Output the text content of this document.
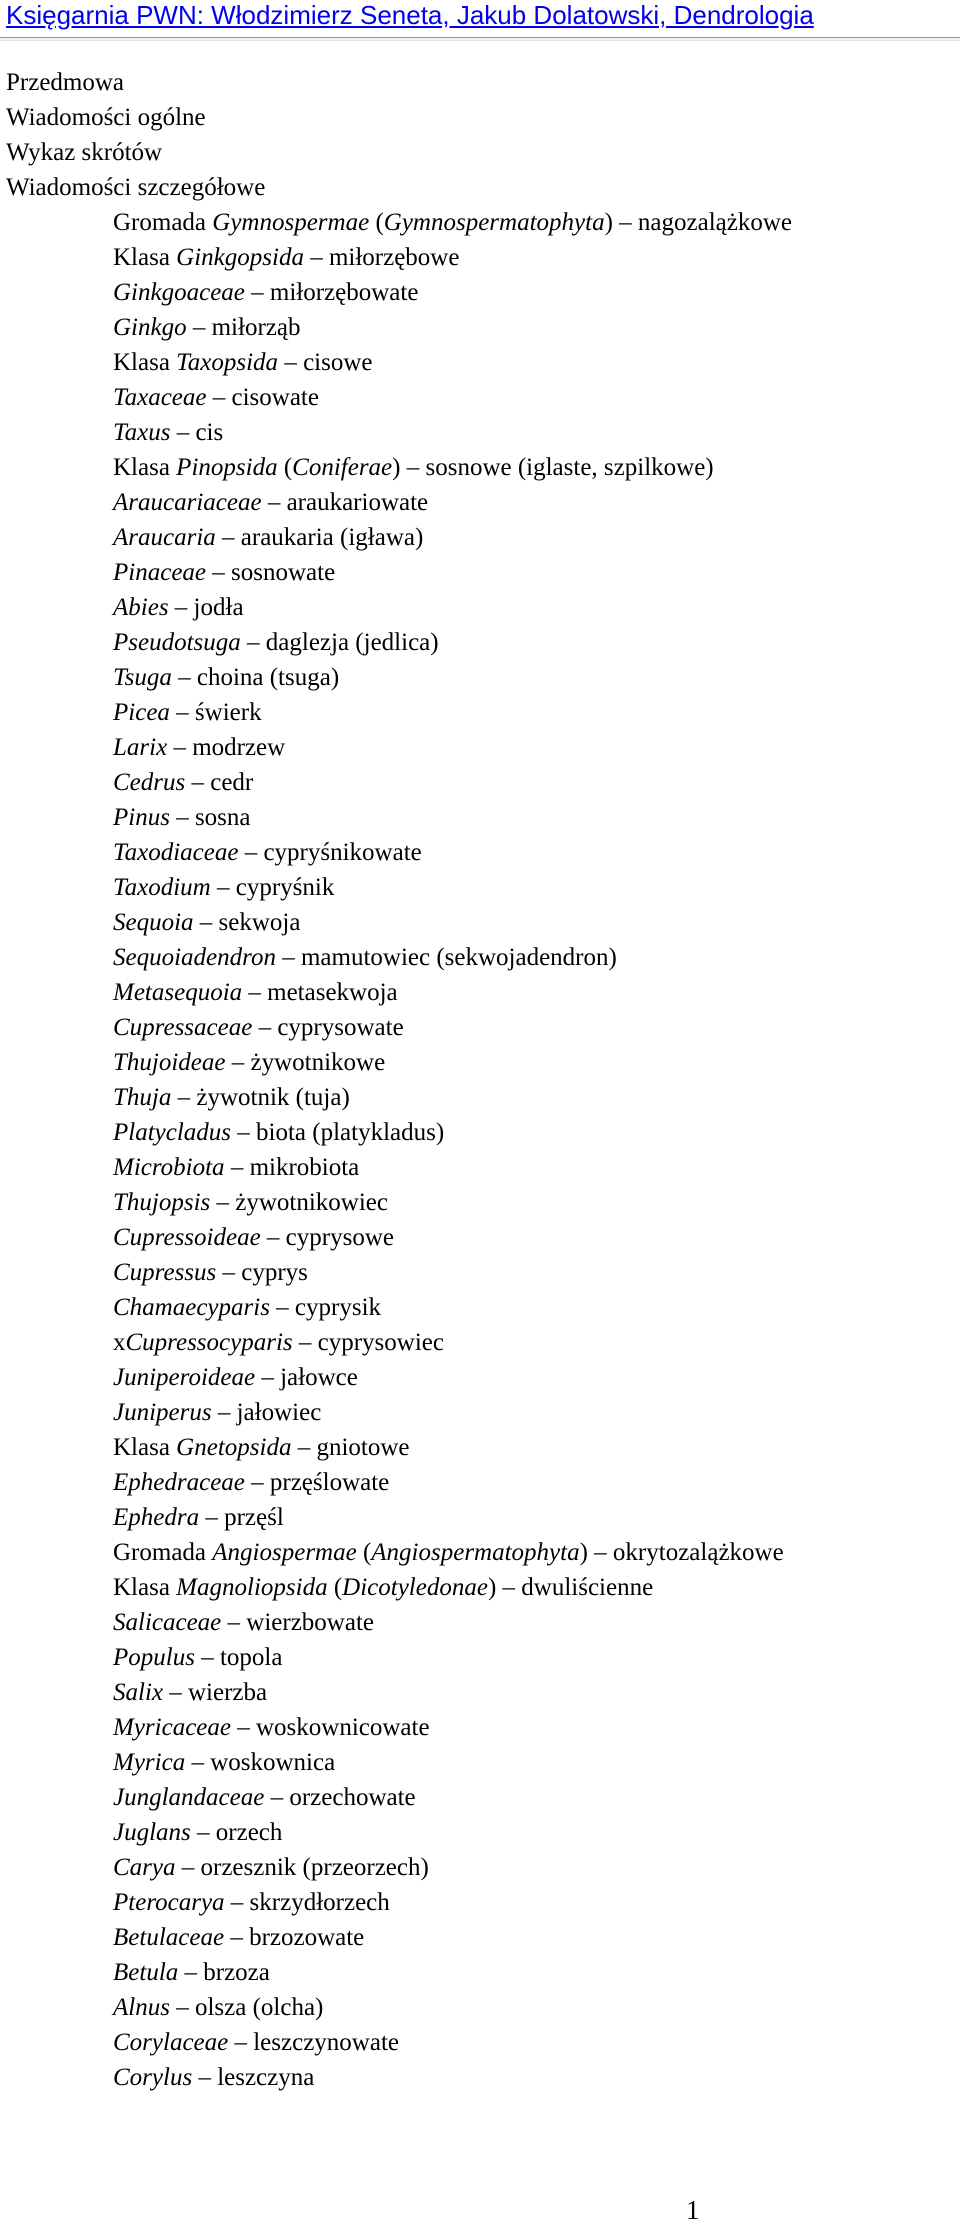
Księgarnia PWN: Włodzimierz Seneta, Jakub Dolatowski, Dendrologia
Przedmowa
Wiadomości ogólne
Wykaz skrótów
Wiadomości szczegółowe
Gromada Gymnospermae (Gymnospermatophyta) – nagozalążkowe
Klasa Ginkgopsida – miłorzębowe
Ginkgoaceae – miłorzębowate
Ginkgo – miłorząb
Klasa Taxopsida – cisowe
Taxaceae – cisowate
Taxus – cis
Klasa Pinopsida (Coniferae) – sosnowe (iglaste, szpilkowe)
Araucariaceae – araukariowate
Araucaria – araukaria (igława)
Pinaceae – sosnowate
Abies – jodła
Pseudotsuga – daglezja (jedlica)
Tsuga – choina (tsuga)
Picea – świerk
Larix – modrzew
Cedrus – cedr
Pinus – sosna
Taxodiaceae – cypryśnikowate
Taxodium – cypryśnik
Sequoia – sekwoja
Sequoiadendron – mamutowiec (sekwojadendron)
Metasequoia – metasekwoja
Cupressaceae – cyprysowate
Thujoideae – żywotnikowe
Thuja – żywotnik (tuja)
Platycladus – biota (platykladus)
Microbiota – mikrobiota
Thujopsis – żywotnikowiec
Cupressoideae – cyprysowe
Cupressus – cyprys
Chamaecyparis – cyprysik
xCupressocyparis – cyprysowiec
Juniperoideae – jałowce
Juniperus – jałowiec
Klasa Gnetopsida – gniotowe
Ephedraceae – przęślowate
Ephedra – przęśl
Gromada Angiospermae (Angiospermatophyta) – okrytozalążkowe
Klasa Magnoliopsida (Dicotyledonae) – dwuliścienne
Salicaceae – wierzbowate
Populus – topola
Salix – wierzba
Myricaceae – woskownicowate
Myrica – woskownica
Junglandaceae – orzechowate
Juglans – orzech
Carya – orzesznik (przeorzech)
Pterocarya – skrzydłorzech
Betulaceae – brzozowate
Betula – brzoza
Alnus – olsza (olcha)
Corylaceae – leszczynowate
Corylus – leszczyna
1
